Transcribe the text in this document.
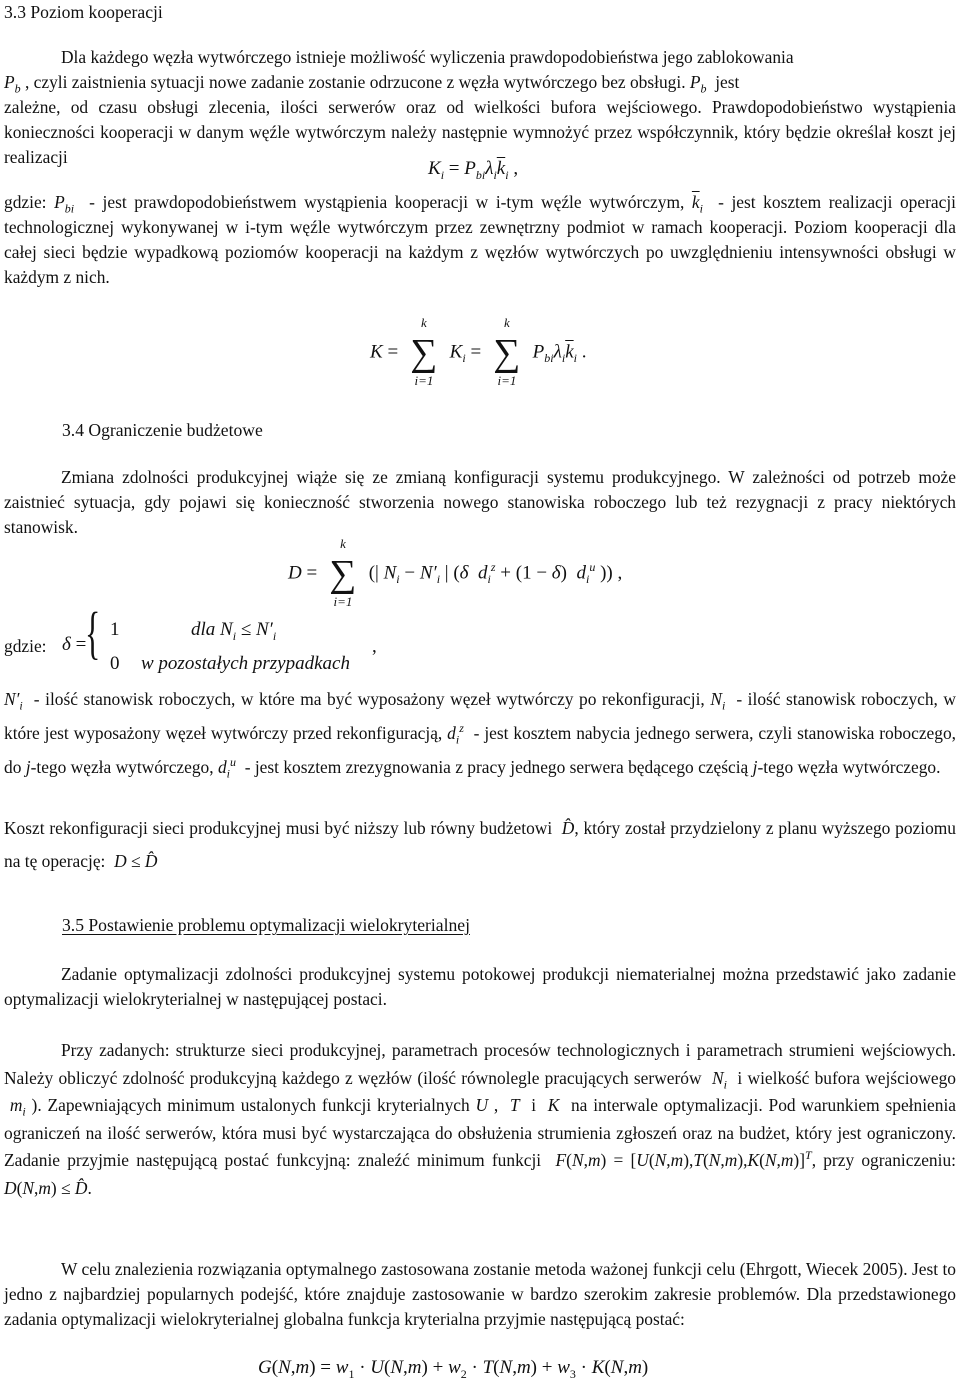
3.3 Poziom kooperacji

Dla każdego węzła wytwórczego istnieje możliwość wyliczenia prawdopodobieństwa jego zablokowania

$P_b$ , czyli zaistnienia sytuacji nowe zadanie zostanie odrzucone z węzła wytwórczego bez obsługi. $P_b$  jest

zależne, od czasu obsługi zlecenia, ilości serwerów oraz od wielkości bufora wejściowego. Prawdopodobieństwo wystąpienia konieczności kooperacji w danym węźle wytwórczym należy następnie wymnożyć przez współczynnik, który będzie określał koszt jej realizacji

$K_i = P_{bi}\lambda_i\overline{k}_i$ ,

gdzie: $P_{bi}$  - jest prawdopodobieństwem wystąpienia kooperacji w i-tym węźle wytwórczym, $\overline{k}_i$  - jest kosztem realizacji operacji technologicznej wykonywanej w i-tym węźle wytwórczym przez zewnętrzny podmiot w ramach kooperacji. Poziom kooperacji dla całej sieci będzie wypadkową poziomów kooperacji na każdym z węzłów wytwórczych po uwzględnieniu intensywności obsługi w każdym z nich.

K =
k
∑
i=1
$K_i$ =
k
∑
i=1
$P_{bi}\lambda_i\overline{k}_i$ .
3.4 Ograniczenie budżetowe

Zmiana zdolności produkcyjnej wiąże się ze zmianą konfiguracji systemu produkcyjnego. W zależności od potrzeb może zaistnieć sytuacja, gdy pojawi się konieczność stworzenia nowego stanowiska roboczego lub też rezygnacji z pracy niektórych stanowisk.

D =
k
∑
i=1
(| $N_i - N'_i$ | (δ $d_i^z + (1 - \delta)$  $d_i^u$ )) ,
gdzie: δ =
{ 1	dla $N_i \le N'_i$
0 w pozostałych przypadkach
,

$N'_i$  - ilość stanowisk roboczych, w które ma być wyposażony węzeł wytwórczy po rekonfiguracji, $N_i$  - ilość stanowisk roboczych, w które jest wyposażony węzeł wytwórczy przed rekonfiguracją, $d_i^z$  - jest kosztem nabycia jednego serwera, czyli stanowiska roboczego, do j-tego węzła wytwórczego, $d_i^u$  - jest kosztem zrezygnowania z pracy jednego serwera będącego częścią j-tego węzła wytwórczego.

Koszt rekonfiguracji sieci produkcyjnej musi być niższy lub równy budżetowi  D̂, który został przydzielony z planu wyższego poziomu na tę operację:  D ≤ D̂

3.5 Postawienie problemu optymalizacji wielokryterialnej

Zadanie optymalizacji zdolności produkcyjnej systemu potokowej produkcji niematerialnej można przedstawić jako zadanie optymalizacji wielokryterialnej w następującej postaci.

Przy zadanych: strukturze sieci produkcyjnej, parametrach procesów technologicznych i parametrach strumieni wejściowych. Należy obliczyć zdolność produkcyjną każdego z węzłów (ilość równolegle pracujących serwerów  $N_i$  i wielkość bufora wejściowego  $m_i$ ). Zapewniających minimum ustalonych funkcji kryterialnych U ,  T  i  K  na interwale optymalizacji. Pod warunkiem spełnienia ograniczeń na ilość serwerów, która musi być wystarczająca do obsłużenia strumienia zgłoszeń oraz na budżet, który jest ograniczony. Zadanie przyjmie następującą postać funkcyjną: znaleźć minimum funkcji  $F(N,m) = [U(N,m),T(N,m),K(N,m)]^T$, przy ograniczeniu: D(N,m) ≤ D̂.

W celu znalezienia rozwiązania optymalnego zastosowana zostanie metoda ważonej funkcji celu (Ehrgott, Wiecek 2005). Jest to jedno z najbardziej popularnych podejść, które znajduje zastosowanie w bardzo szerokim zakresie problemów. Dla przedstawionego zadania optymalizacji wielokryterialnej globalna funkcja kryterialna przyjmie następującą postać:

$G(N,m) = w_1 \cdot U(N,m) + w_2 \cdot T(N,m) + w_3 \cdot K(N,m)$
